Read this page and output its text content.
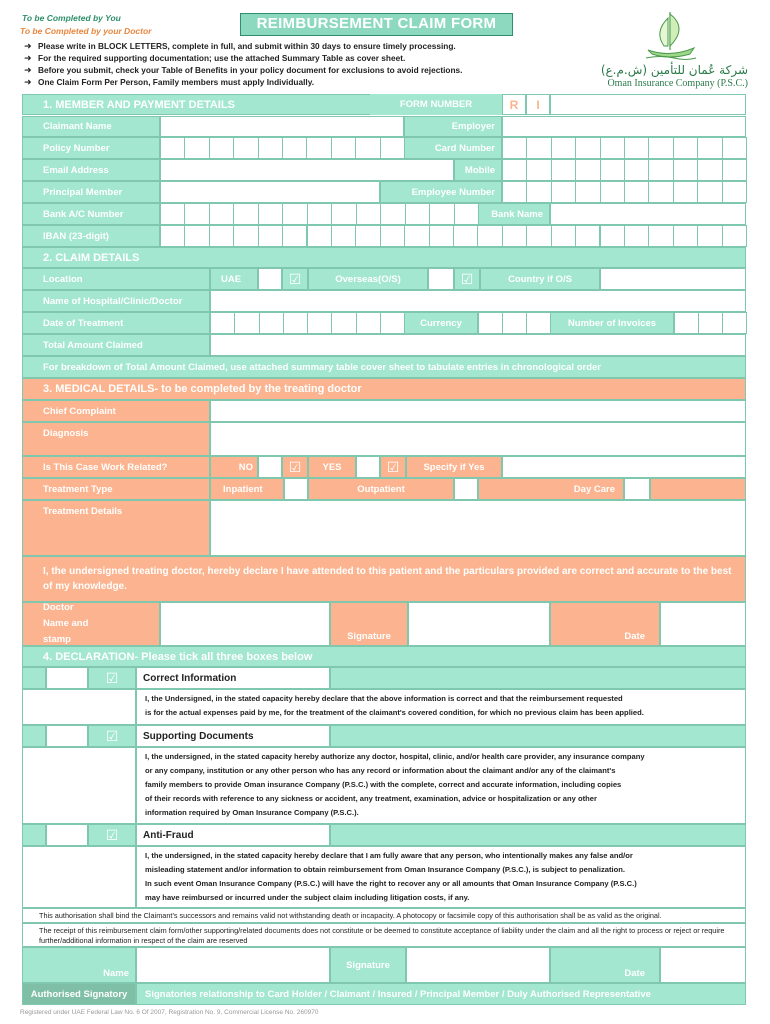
To be Completed by You
To be Completed by your Doctor	REIMBURSEMENT CLAIM FORM
➜ Please write in BLOCK LETTERS, complete in full, and submit within 30 days to ensure timely processing.
➜ For the required supporting documentation; use the attached Summary Table as cover sheet.
➜ Before you submit, check your Table of Benefits in your policy document for exclusions to avoid rejections.
➜ One Claim Form Per Person, Family members must apply Individually.
شركة عُمان للتأمين (ش.م.ع)
Oman Insurance Company (P.S.C.)
1. MEMBER AND PAYMENT DETAILS	FORM NUMBER	R	I
Claimant Name	Employer
Policy Number	Card Number
Email Address	Mobile
Principal Member	Employee Number
Bank A/C Number	Bank Name
IBAN (23-digit)
2. CLAIM DETAILS
Location	UAE	☑	Overseas(O/S)	☑	Country if O/S
Name of Hospital/Clinic/Doctor
Date of Treatment	Currency	Number of Invoices
Total Amount Claimed
For breakdown of Total Amount Claimed, use attached summary table cover sheet to tabulate entries in chronological order
3. MEDICAL DETAILS- to be completed by the treating doctor
Chief Complaint
Diagnosis
Is This Case Work Related?	NO	☑	YES	☑	Specify if Yes
Treatment Type	Inpatient	Outpatient	Day Care
Treatment Details
I, the undersigned treating doctor, hereby declare I have attended to this patient and the particulars provided are correct and accurate to the best of my knowledge.
Doctor Name and stamp	Signature	Date
4. DECLARATION- Please tick all three boxes below
☑	Correct Information
I, the Undersigned, in the stated capacity hereby declare that the above information is correct and that the reimbursement requested
is for the actual expenses paid by me, for the treatment of the claimant's covered condition, for which no previous claim has been applied.
☑	Supporting Documents
I, the undersigned, in the stated capacity hereby authorize any doctor, hospital, clinic, and/or health care provider, any insurance company
or any company, institution or any other person who has any record or information about the claimant and/or any of the claimant's
family members to provide Oman insurance Company (P.S.C.) with the complete, correct and accurate information, including copies
of their records with reference to any sickness or accident, any treatment, examination, advice or hospitalization or any other
information required by Oman Insurance Company (P.S.C.).
☑	Anti-Fraud
I, the undersigned, in the stated capacity hereby declare that I am fully aware that any person, who intentionally makes any false and/or
misleading statement and/or information to obtain reimbursement from Oman Insurance Company (P.S.C.), is subject to penalization.
In such event Oman Insurance Company (P.S.C.) will have the right to recover any or all amounts that Oman Insurance Company (P.S.C.)
may have reimbursed or incurred under the subject claim including litigation costs, if any.
This authorisation shall bind the Claimant's successors and remains valid not withstanding death or incapacity. A photocopy or facsimile copy of this authorisation shall be as valid as the original.
The receipt of this reimbursement claim form/other supporting/related documents does not constitute or be deemed to constitute acceptance of liability under the claim and all the right to process or reject or require further/additional information in respect of the claim are reserved
Name
Signature
Date
Authorised Signatory	Signatories relationship to Card Holder / Claimant / Insured / Principal Member / Duly Authorised Representative
Registered under UAE Federal Law No. 6 Of 2007, Registration No. 9, Commercial License No. 260970
